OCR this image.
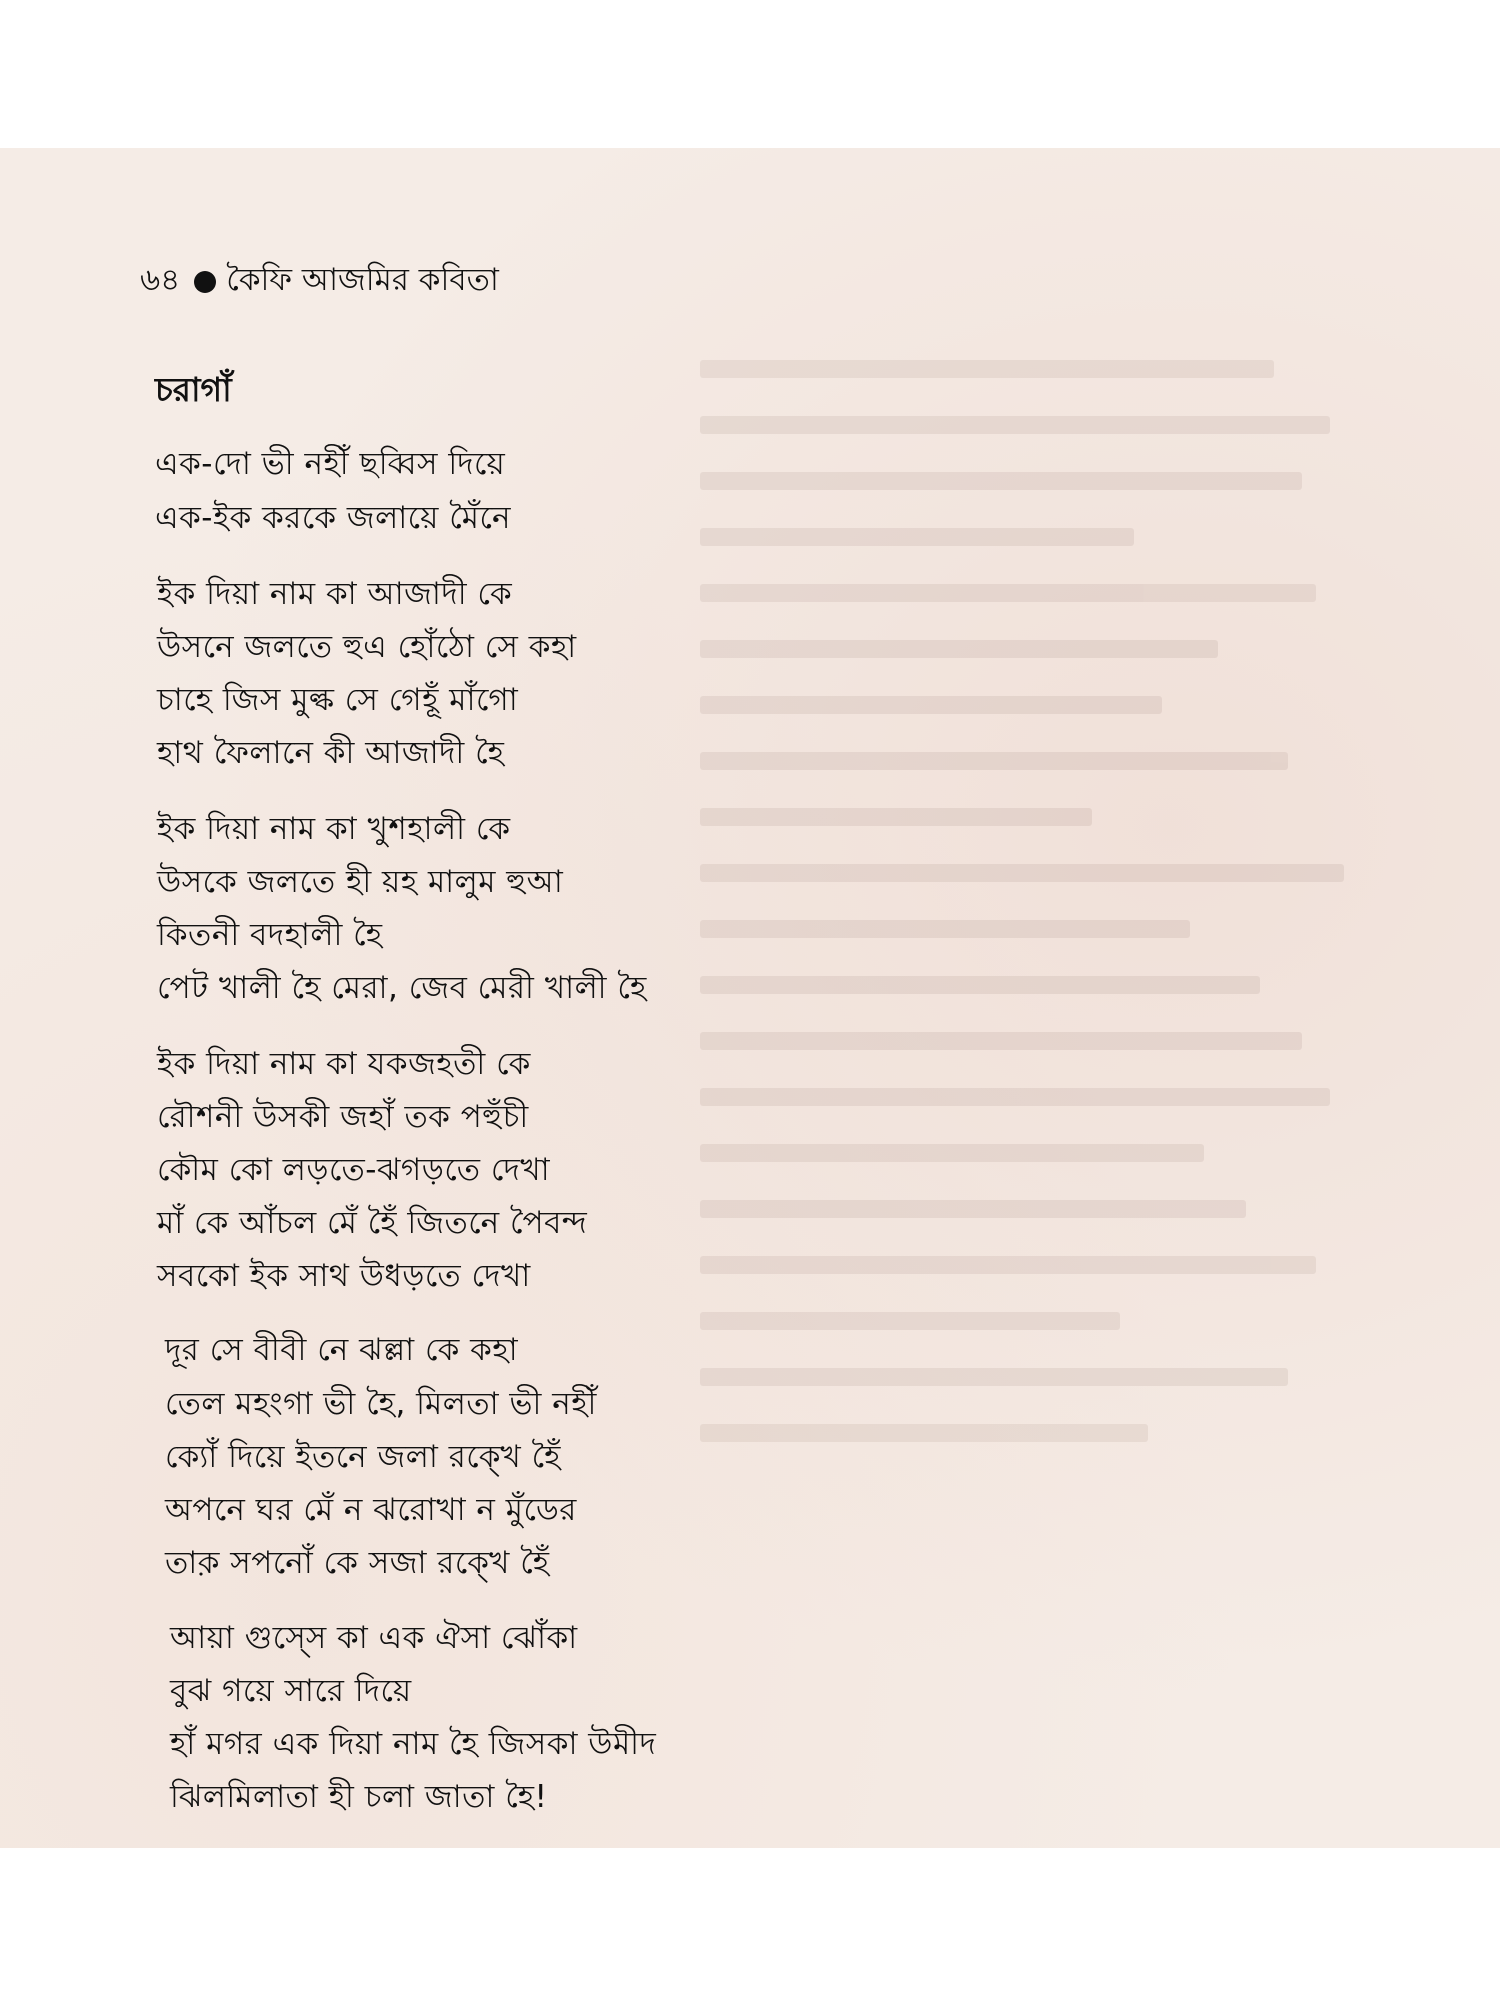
৬৪ কৈফি আজমির কবিতা
চরাগাঁ
এক-দো ভী নহীঁ ছব্বিস দিয়ে
এক-ইক করকে জলায়ে মৈঁনে
ইক দিয়া নাম কা আজাদী কে
উসনে জলতে হুএ হোঁঠো সে কহা
চাহে জিস মুল্ক সে গেহূঁ মাঁগো
হাথ ফৈলানে কী আজাদী হৈ
ইক দিয়া নাম কা খুশহালী কে
উসকে জলতে হী য়হ মালুম হুআ
কিতনী বদহালী হৈ
পেট খালী হৈ মেরা, জেব মেরী খালী হৈ
ইক দিয়া নাম কা যকজহতী কে
রৌশনী উসকী জহাঁ তক পহুঁচী
কৌম কো লড়তে-ঝগড়তে দেখা
মাঁ কে আঁচল মেঁ হৈঁ জিতনে পৈবন্দ
সবকো ইক সাথ উধড়তে দেখা
দূর সে বীবী নে ঝল্লা কে কহা
তেল মহংগা ভী হৈ, মিলতা ভী নহীঁ
ক্যোঁ দিয়ে ইতনে জলা রক্খে হৈঁ
অপনে ঘর মেঁ ন ঝরোখা ন মুঁডের
তাক় সপনোঁ কে সজা রক্খে হৈঁ
আয়া গুস্সে কা এক ঐসা ঝোঁকা
বুঝ গয়ে সারে দিয়ে
হাঁ মগর এক দিয়া নাম হৈ জিসকা উমীদ
ঝিলমিলাতা হী চলা জাতা হৈ!
